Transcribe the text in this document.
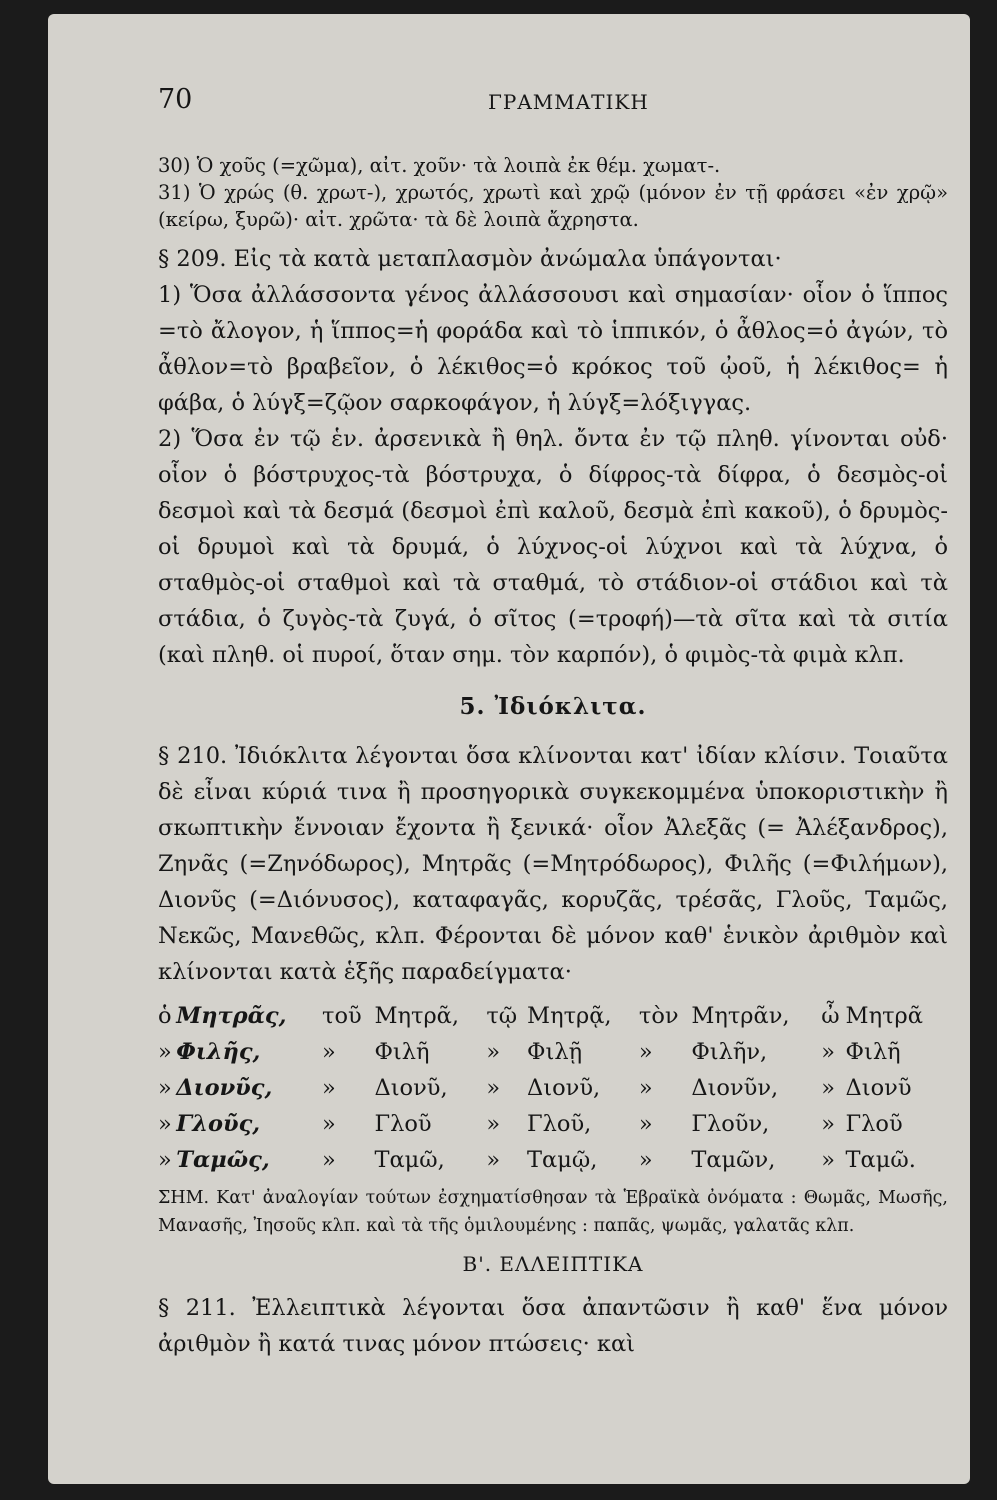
70	ΓΡΑΜΜΑΤΙΚΗ

30) Ὁ χοῦς (=χῶμα), αἰτ. χοῦν· τὰ λοιπὰ ἐκ θέμ. χωματ-.

31) Ὁ χρώς (θ. χρωτ-), χρωτός, χρωτὶ καὶ χρῷ (μόνον ἐν τῇ φράσει «ἐν χρῷ» (κείρω, ξυρῶ)· αἰτ. χρῶτα· τὰ δὲ λοιπὰ ἄχρηστα.

§ 209. Εἰς τὰ κατὰ μεταπλασμὸν ἀνώμαλα ὑπάγονται·

1) Ὅσα ἀλλάσσοντα γένος ἀλλάσσουσι καὶ σημασίαν· οἷον ὁ ἵππος =τὸ ἄλογον, ἡ ἵππος=ἡ φοράδα καὶ τὸ ἱππικόν, ὁ ἆθλος=ὁ ἀγών, τὸ ἆθλον=τὸ βραβεῖον, ὁ λέκιθος=ὁ κρόκος τοῦ ᾠοῦ, ἡ λέκιθος= ἡ φάβα, ὁ λύγξ=ζῷον σαρκοφάγον, ἡ λύγξ=λόξιγγας.

2) Ὅσα ἐν τῷ ἑν. ἀρσενικὰ ἢ θηλ. ὄντα ἐν τῷ πληθ. γίνονται οὐδ· οἷον ὁ βόστρυχος-τὰ βόστρυχα, ὁ δίφρος-τὰ δίφρα, ὁ δεσμὸς-οἱ δεσμοὶ καὶ τὰ δεσμά (δεσμοὶ ἐπὶ καλοῦ, δεσμὰ ἐπὶ κακοῦ), ὁ δρυμὸς-οἱ δρυμοὶ καὶ τὰ δρυμά, ὁ λύχνος-οἱ λύχνοι καὶ τὰ λύχνα, ὁ σταθμὸς-οἱ σταθμοὶ καὶ τὰ σταθμά, τὸ στάδιον-οἱ στάδιοι καὶ τὰ στάδια, ὁ ζυγὸς-τὰ ζυγά, ὁ σῖτος (=τροφή)—τὰ σῖτα καὶ τὰ σιτία (καὶ πληθ. οἱ πυροί, ὅταν σημ. τὸν καρπόν), ὁ φιμὸς-τὰ φιμὰ κλπ.

5. Ἰδιόκλιτα.

§ 210. Ἰδιόκλιτα λέγονται ὅσα κλίνονται κατ' ἰδίαν κλίσιν. Τοιαῦτα δὲ εἶναι κύριά τινα ἢ προσηγορικὰ συγκεκομμένα ὑποκοριστικὴν ἢ σκωπτικὴν ἔννοιαν ἔχοντα ἢ ξενικά· οἷον Ἀλεξᾶς (= Ἀλέξανδρος), Ζηνᾶς (=Ζηνόδωρος), Μητρᾶς (=Μητρόδωρος), Φιλῆς (=Φιλήμων), Διονῦς (=Διόνυσος), καταφαγᾶς, κορυζᾶς, τρέσᾶς, Γλοῦς, Ταμῶς, Νεκῶς, Μανεθῶς, κλπ. Φέρονται δὲ μόνον καθ' ἑνικὸν ἀριθμὸν καὶ κλίνονται κατὰ ἑξῆς παραδείγματα·

ὁ	Μητρᾶς,	τοῦ	Μητρᾶ,	τῷ	Μητρᾷ,	τὸν	Μητρᾶν,	ὦ	Μητρᾶ
»	Φιλῆς,	»	Φιλῆ	»	Φιλῇ	»	Φιλῆν,	»	Φιλῆ
»	Διονῦς,	»	Διονῦ,	»	Διονῦ,	»	Διονῦν,	»	Διονῦ
»	Γλοῦς,	»	Γλοῦ	»	Γλοῦ,	»	Γλοῦν,	»	Γλοῦ
»	Ταμῶς,	»	Ταμῶ,	»	Ταμῷ,	»	Ταμῶν,	»	Ταμῶ.

ΣΗΜ. Κατ' ἀναλογίαν τούτων ἐσχηματίσθησαν τὰ Ἑβραϊκὰ ὀνόματα : Θωμᾶς, Μωσῆς, Μανασῆς, Ἰησοῦς κλπ. καὶ τὰ τῆς ὁμιλουμένης : παπᾶς, ψωμᾶς, γαλατᾶς κλπ.

Β'. ΕΛΛΕΙΠΤΙΚΑ

§ 211. Ἐλλειπτικὰ λέγονται ὅσα ἀπαντῶσιν ἢ καθ' ἕνα μόνον ἀριθμὸν ἢ κατά τινας μόνον πτώσεις· καὶ
